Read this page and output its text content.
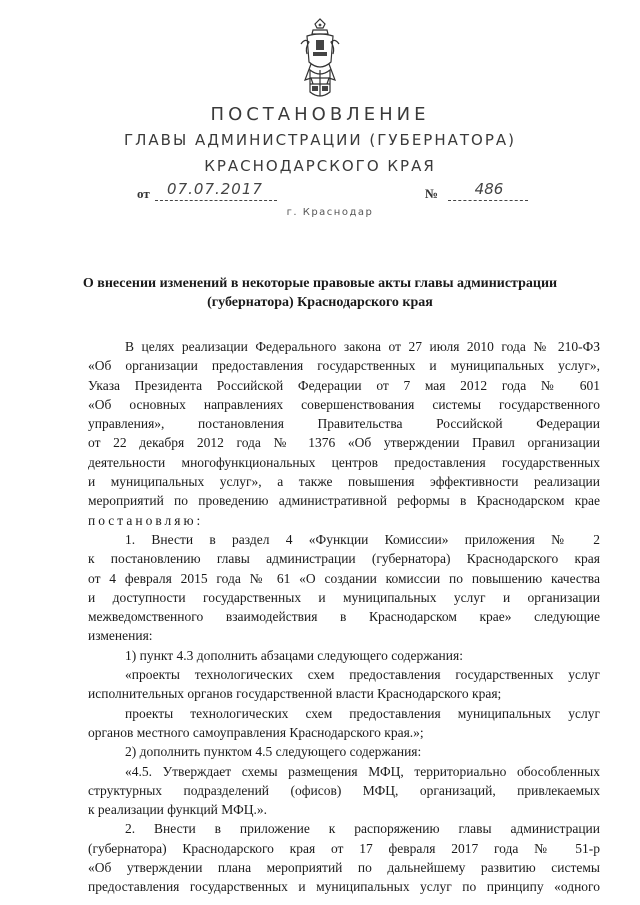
ПОСТАНОВЛЕНИЕ
ГЛАВЫ АДМИНИСТРАЦИИ (ГУБЕРНАТОРА)
КРАСНОДАРСКОГО КРАЯ
от	07.07.2017	№	486
г. Краснодар
О внесении изменений в некоторые правовые акты главы администрации
(губернатора) Краснодарского края

В целях реализации Федерального закона от 27 июля 2010 года № 210-ФЗ

«Об организации предоставления государственных и муниципальных услуг»,

Указа Президента Российской Федерации от 7 мая 2012 года № 601

«Об основных направлениях совершенствования системы государственного

управления», постановления Правительства Российской Федерации

от 22 декабря 2012 года № 1376 «Об утверждении Правил организации

деятельности многофункциональных центров предоставления государственных

и муниципальных услуг», а также повышения эффективности реализации

мероприятий по проведению административной реформы в Краснодарском крае

постановляю:

1. Внести в раздел 4 «Функции Комиссии» приложения № 2

к постановлению главы администрации (губернатора) Краснодарского края

от 4 февраля 2015 года № 61 «О создании комиссии по повышению качества

и доступности государственных и муниципальных услуг и организации

межведомственного взаимодействия в Краснодарском крае» следующие

изменения:

1) пункт 4.3 дополнить абзацами следующего содержания:

«проекты технологических схем предоставления государственных услуг

исполнительных органов государственной власти Краснодарского края;

проекты технологических схем предоставления муниципальных услуг

органов местного самоуправления Краснодарского края.»;

2) дополнить пунктом 4.5 следующего содержания:

«4.5. Утверждает схемы размещения МФЦ, территориально обособленных

структурных подразделений (офисов) МФЦ, организаций, привлекаемых

к реализации функций МФЦ.».

2. Внести в приложение к распоряжению главы администрации

(губернатора) Краснодарского края от 17 февраля 2017 года № 51-р

«Об утверждении плана мероприятий по дальнейшему развитию системы

предоставления государственных и муниципальных услуг по принципу «одного
